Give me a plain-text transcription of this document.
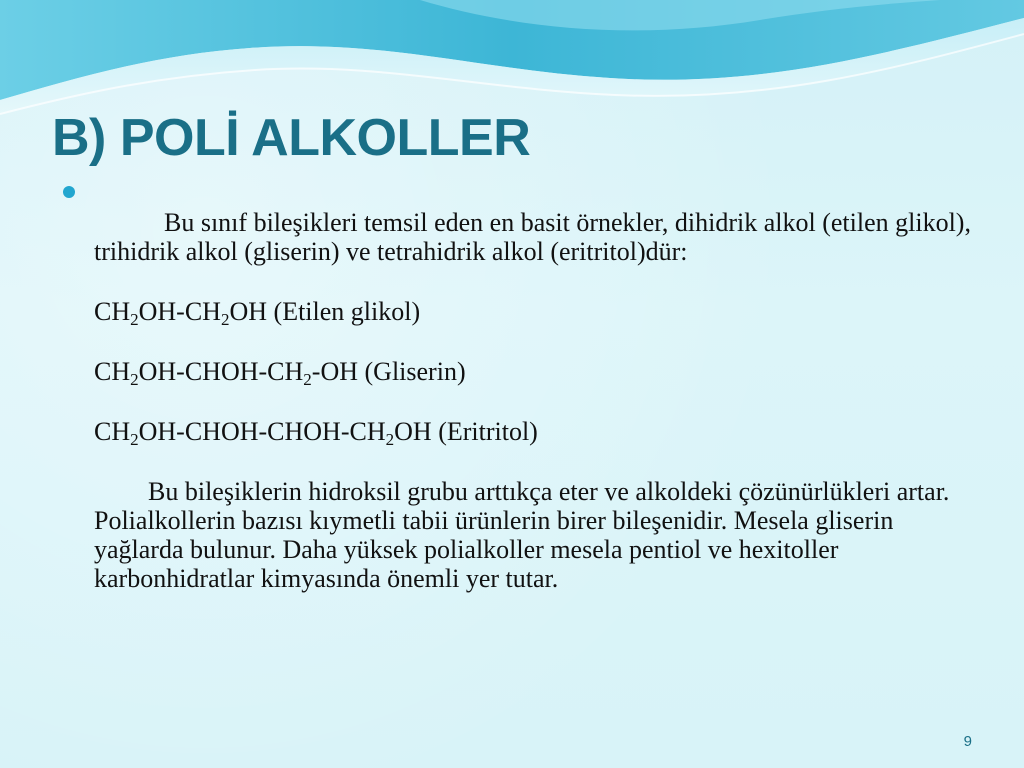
B) POLİ ALKOLLER

Bu sınıf bileşikleri temsil eden en basit örnekler, dihidrik alkol (etilen glikol), trihidrik alkol (gliserin) ve tetrahidrik alkol (eritritol)dür:

$CH_2OH-CH_2OH$ (Etilen glikol)

$CH_2OH-CHOH-CH_2-OH$ (Gliserin)

$CH_2OH-CHOH-CHOH-CH_2OH$ (Eritritol)

Bu bileşiklerin hidroksil grubu arttıkça eter ve alkoldeki çözünürlükleri artar. Polialkollerin bazısı kıymetli tabii ürünlerin birer bileşenidir. Mesela gliserin yağlarda bulunur. Daha yüksek polialkoller mesela pentiol ve hexitoller karbonhidratlar kimyasında önemli yer tutar.

9
